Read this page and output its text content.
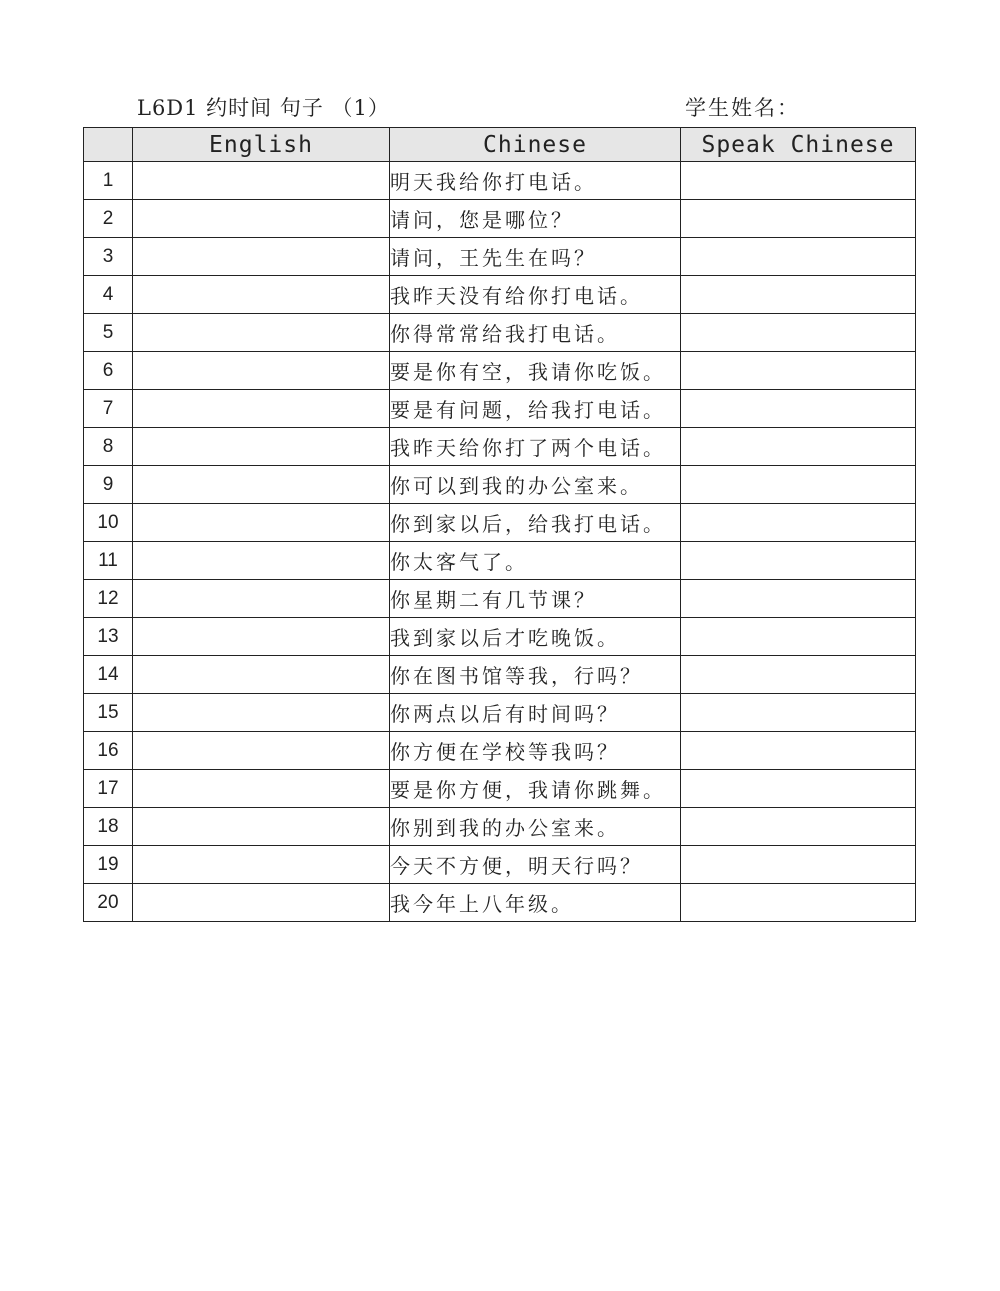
L6D1 约时间 句子 （1）	学生姓名：
	English	Chinese	Speak Chinese
1		明天我给你打电话。	
2		请问，您是哪位？	
3		请问，王先生在吗？	
4		我昨天没有给你打电话。	
5		你得常常给我打电话。	
6		要是你有空，我请你吃饭。	
7		要是有问题，给我打电话。	
8		我昨天给你打了两个电话。	
9		你可以到我的办公室来。	
10		你到家以后，给我打电话。	
11		你太客气了。	
12		你星期二有几节课？	
13		我到家以后才吃晚饭。	
14		你在图书馆等我，行吗？	
15		你两点以后有时间吗？	
16		你方便在学校等我吗？	
17		要是你方便，我请你跳舞。	
18		你别到我的办公室来。	
19		今天不方便，明天行吗？	
20		我今年上八年级。	
